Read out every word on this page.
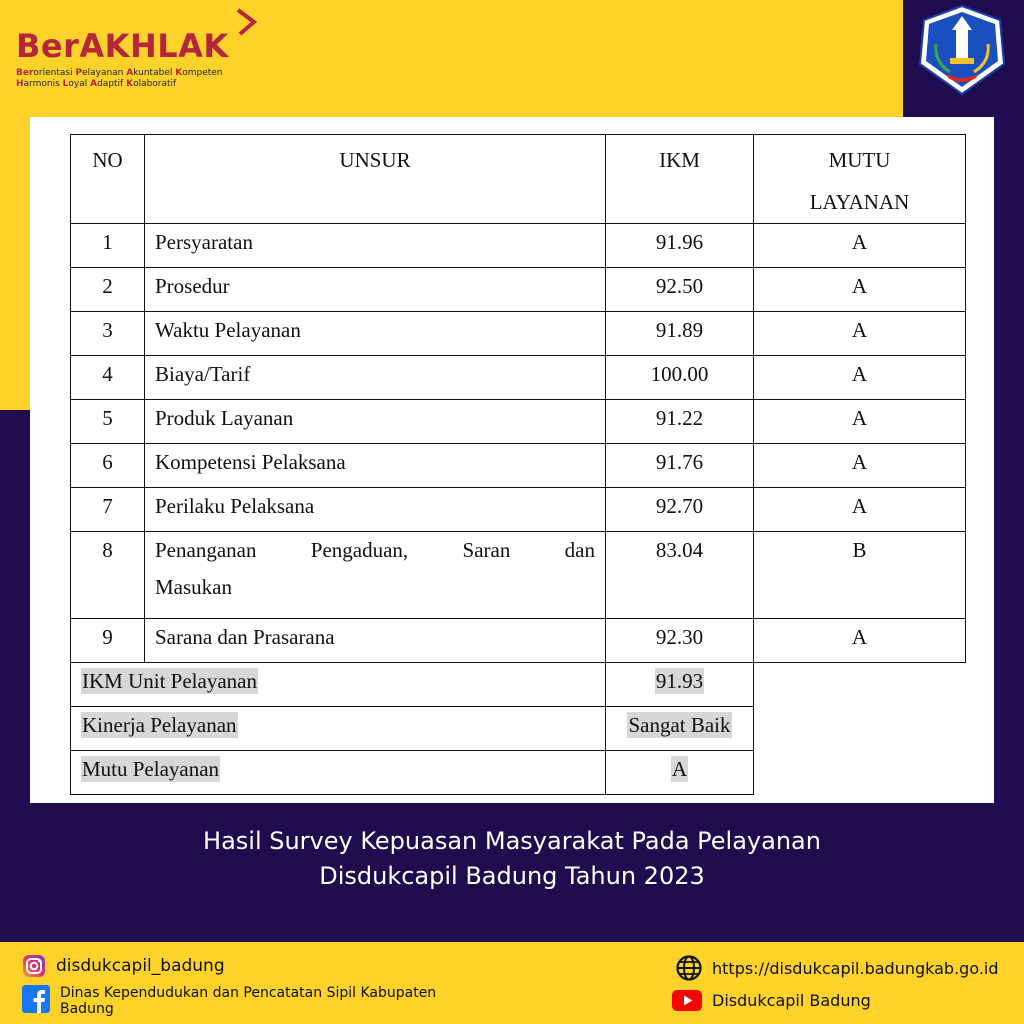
BerAKHLAK
Berorientasi Pelayanan Akuntabel Kompeten
Harmonis Loyal Adaptif Kolaboratif
NO	UNSUR	IKM	MUTU
LAYANAN

1	Persyaratan	91.96	A

2	Prosedur	92.50	A

3	Waktu Pelayanan	91.89	A

4	Biaya/Tarif	100.00	A

5	Produk Layanan	91.22	A

6	Kompetensi Pelaksana	91.76	A

7	Perilaku Pelaksana	92.70	A

8	Penanganan Pengaduan, Saran dan
Masukan	83.04	B

9	Sarana dan Prasarana	92.30	A

IKM Unit Pelayanan		91.93	
Kinerja Pelayanan		Sangat Baik	
Mutu Pelayanan		A	
Hasil Survey Kepuasan Masyarakat Pada Pelayanan
Disdukcapil Badung Tahun 2023
disdukcapil_badung
Dinas Kependudukan dan Pencatatan Sipil Kabupaten
Badung
https://disdukcapil.badungkab.go.id
Disdukcapil Badung
